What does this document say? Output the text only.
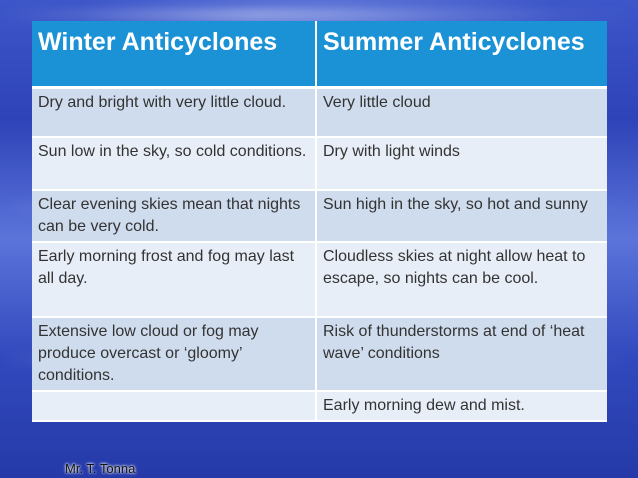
Winter Anticyclones	Summer Anticyclones
Dry and bright with very little cloud.	Very little cloud
Sun low in the sky, so cold conditions.	Dry with light winds
Clear evening skies mean that nights can be very cold.	Sun high in the sky, so hot and sunny
Early morning frost and fog may last all day.	Cloudless skies at night allow heat to escape, so nights can be cool.
Extensive low cloud or fog may produce overcast or ‘gloomy’ conditions.	Risk of thunderstorms at end of ‘heat wave’ conditions
	Early morning dew and mist.
Mr. T. Tonna
